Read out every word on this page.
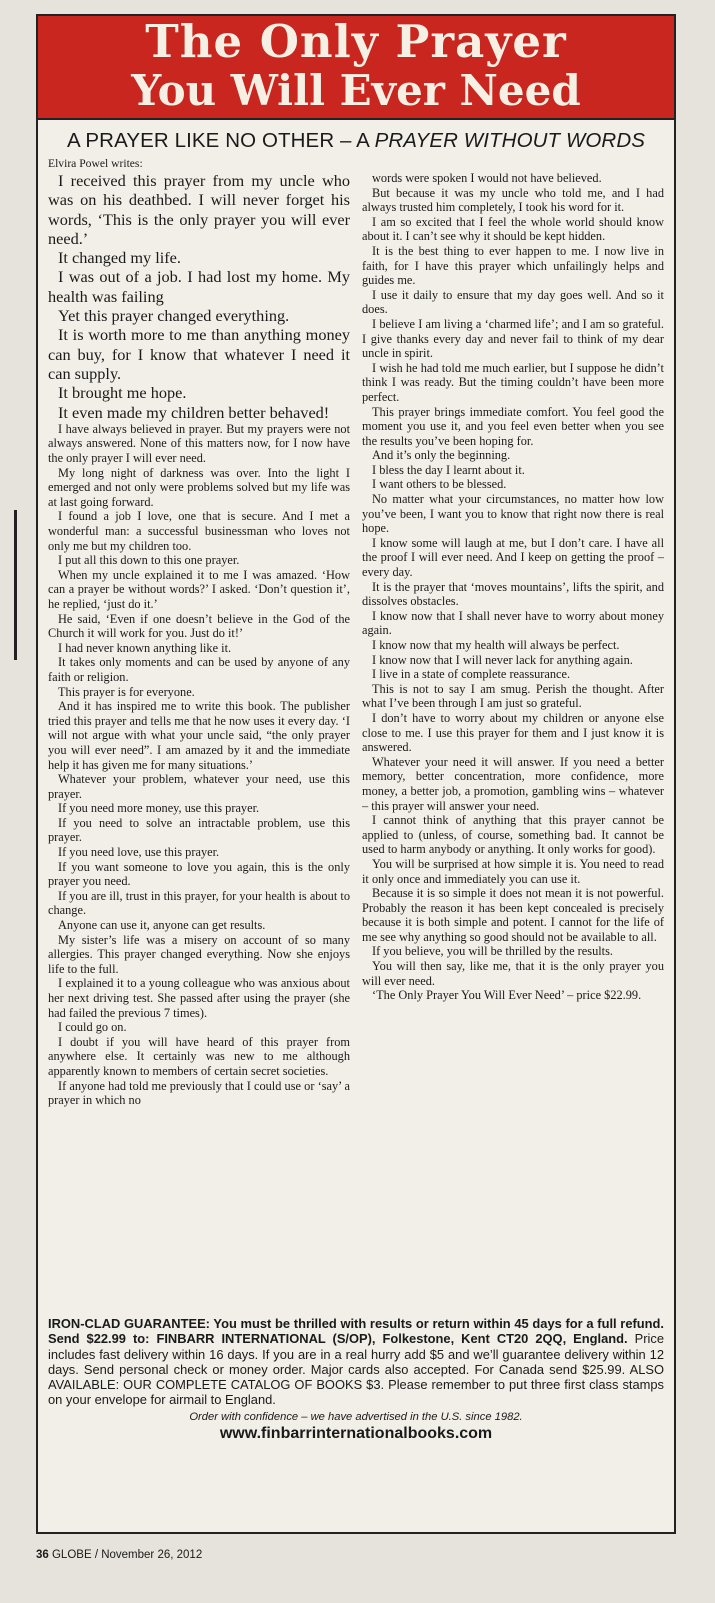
The Only Prayer
You Will Ever Need
A PRAYER LIKE NO OTHER – A PRAYER WITHOUT WORDS
Elvira Powel writes:

I received this prayer from my uncle who was on his deathbed. I will never forget his words, ‘This is the only prayer you will ever need.’

It changed my life.

I was out of a job. I had lost my home. My health was failing

Yet this prayer changed everything.

It is worth more to me than anything money can buy, for I know that whatever I need it can supply.

It brought me hope.

It even made my children better behaved!

I have always believed in prayer. But my prayers were not always answered. None of this matters now, for I now have the only prayer I will ever need.

My long night of darkness was over. Into the light I emerged and not only were problems solved but my life was at last going forward.

I found a job I love, one that is secure. And I met a wonderful man: a successful businessman who loves not only me but my children too.

I put all this down to this one prayer.

When my uncle explained it to me I was amazed. ‘How can a prayer be without words?’ I asked. ‘Don’t question it’, he replied, ‘just do it.’

He said, ‘Even if one doesn’t believe in the God of the Church it will work for you. Just do it!’

I had never known anything like it.

It takes only moments and can be used by anyone of any faith or religion.

This prayer is for everyone.

And it has inspired me to write this book. The publisher tried this prayer and tells me that he now uses it every day. ‘I will not argue with what your uncle said, “the only prayer you will ever need”. I am amazed by it and the immediate help it has given me for many situations.’

Whatever your problem, whatever your need, use this prayer.

If you need more money, use this prayer.

If you need to solve an intractable problem, use this prayer.

If you need love, use this prayer.

If you want someone to love you again, this is the only prayer you need.

If you are ill, trust in this prayer, for your health is about to change.

Anyone can use it, anyone can get results.

My sister’s life was a misery on account of so many allergies. This prayer changed everything. Now she enjoys life to the full.

I explained it to a young colleague who was anxious about her next driving test. She passed after using the prayer (she had failed the previous 7 times).

I could go on.

I doubt if you will have heard of this prayer from anywhere else. It certainly was new to me although apparently known to members of certain secret societies.

If anyone had told me previously that I could use or ‘say’ a prayer in which no

words were spoken I would not have believed.

But because it was my uncle who told me, and I had always trusted him completely, I took his word for it.

I am so excited that I feel the whole world should know about it. I can’t see why it should be kept hidden.

It is the best thing to ever happen to me. I now live in faith, for I have this prayer which unfailingly helps and guides me.

I use it daily to ensure that my day goes well. And so it does.

I believe I am living a ‘charmed life’; and I am so grateful. I give thanks every day and never fail to think of my dear uncle in spirit.

I wish he had told me much earlier, but I suppose he didn’t think I was ready. But the timing couldn’t have been more perfect.

This prayer brings immediate comfort. You feel good the moment you use it, and you feel even better when you see the results you’ve been hoping for.

And it’s only the beginning.

I bless the day I learnt about it.

I want others to be blessed.

No matter what your circumstances, no matter how low you’ve been, I want you to know that right now there is real hope.

I know some will laugh at me, but I don’t care. I have all the proof I will ever need. And I keep on getting the proof – every day.

It is the prayer that ‘moves mountains’, lifts the spirit, and dissolves obstacles.

I know now that I shall never have to worry about money again.

I know now that my health will always be perfect.

I know now that I will never lack for anything again.

I live in a state of complete reassurance.

This is not to say I am smug. Perish the thought. After what I’ve been through I am just so grateful.

I don’t have to worry about my children or anyone else close to me. I use this prayer for them and I just know it is answered.

Whatever your need it will answer. If you need a better memory, better concentration, more confidence, more money, a better job, a promotion, gambling wins – whatever – this prayer will answer your need.

I cannot think of anything that this prayer cannot be applied to (unless, of course, something bad. It cannot be used to harm anybody or anything. It only works for good).

You will be surprised at how simple it is. You need to read it only once and immediately you can use it.

Because it is so simple it does not mean it is not powerful. Probably the reason it has been kept concealed is precisely because it is both simple and potent. I cannot for the life of me see why anything so good should not be available to all.

If you believe, you will be thrilled by the results.

You will then say, like me, that it is the only prayer you will ever need.

‘The Only Prayer You Will Ever Need’ – price $22.99.

IRON-CLAD GUARANTEE: You must be thrilled with results or return within 45 days for a full refund. Send $22.99 to: FINBARR INTERNATIONAL (S/OP), Folkestone, Kent CT20 2QQ, England. Price includes fast delivery within 16 days. If you are in a real hurry add $5 and we’ll guarantee delivery within 12 days. Send personal check or money order. Major cards also accepted. For Canada send $25.99. ALSO AVAILABLE: OUR COMPLETE CATALOG OF BOOKS $3. Please remember to put three first class stamps on your envelope for airmail to England.
Order with confidence – we have advertised in the U.S. since 1982.
www.finbarrinternationalbooks.com
36 GLOBE / November 26, 2012
